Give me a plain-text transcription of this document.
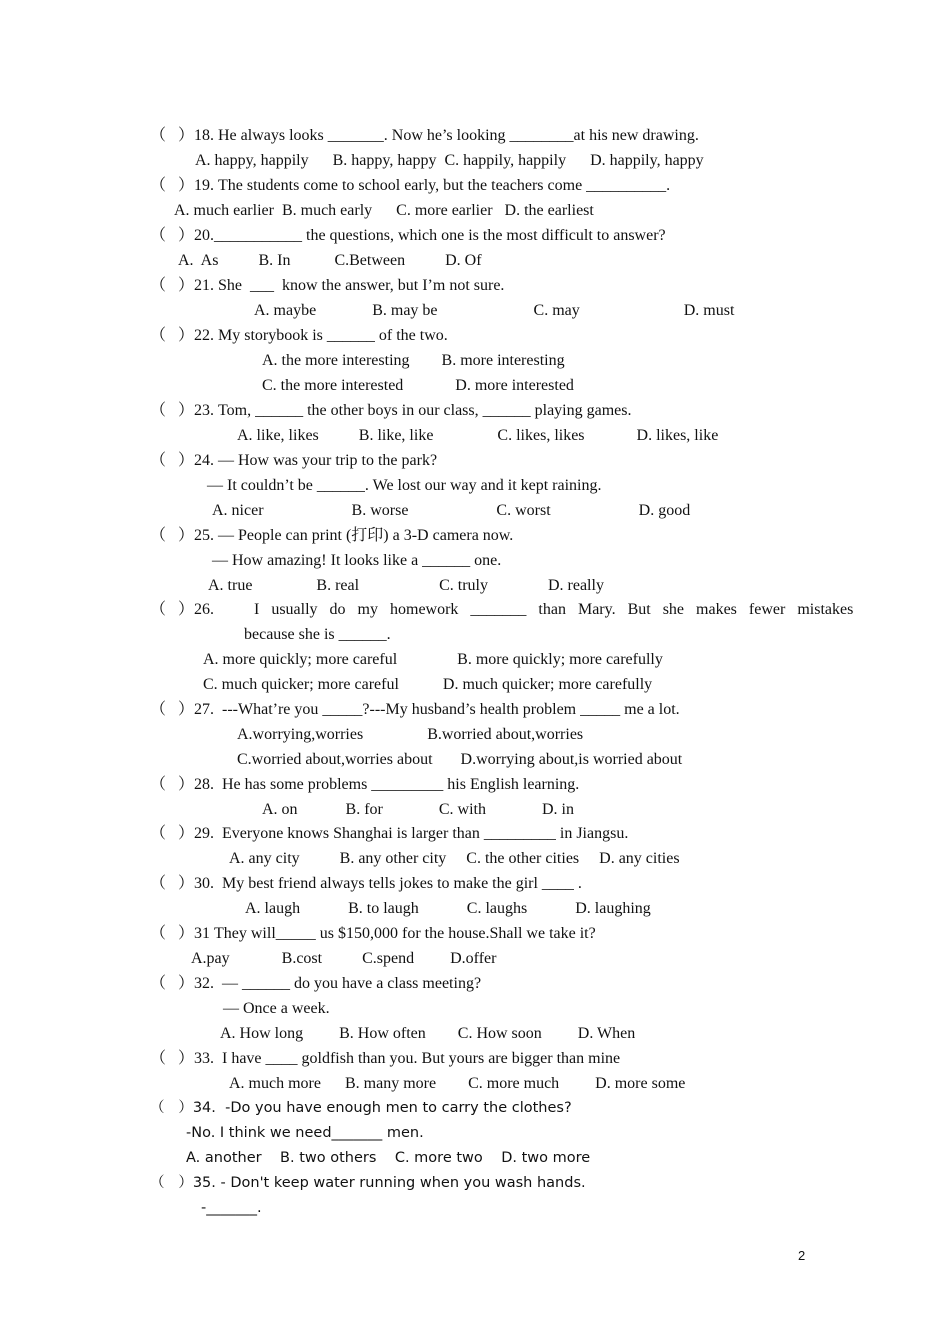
（   ）18. He always looks _______. Now he’s looking ________at his new drawing.
A. happy, happily      B. happy, happy  C. happily, happily      D. happily, happy
（   ）19. The students come to school early, but the teachers come __________.
A. much earlier  B. much early      C. more earlier   D. the earliest
（   ）20.___________ the questions, which one is the most difficult to answer?
A.  As          B. In           C.Between          D. Of
（   ）21. She  ___  know the answer, but I’m not sure.
A. maybe              B. may be                        C. may                          D. must
（   ）22. My storybook is ______ of the two.
A. the more interesting        B. more interesting
C. the more interested             D. more interested
（   ）23. Tom, ______ the other boys in our class, ______ playing games.
A. like, likes          B. like, like                C. likes, likes             D. likes, like
（   ）24. — How was your trip to the park?
— It couldn’t be ______. We lost our way and it kept raining.
A. nicer                      B. worse                      C. worst                      D. good
（   ）25. — People can print (打印) a 3-D camera now.
— How amazing! It looks like a ______ one.
A. true                B. real                    C. truly               D. really
（   ）26.          I   usually   do   my   homework   _______   than   Mary.   But   she   makes   fewer   mistakes
because she is ______.
A. more quickly; more careful               B. more quickly; more carefully
C. much quicker; more careful           D. much quicker; more carefully
（   ）27.  ---What’re you _____?---My husband’s health problem _____ me a lot.
A.worrying,worries                B.worried about,worries
C.worried about,worries about       D.worrying about,is worried about
（   ）28.  He has some problems _________ his English learning.
A. on            B. for              C. with              D. in
（   ）29.  Everyone knows Shanghai is larger than _________ in Jiangsu.
A. any city          B. any other city     C. the other cities     D. any cities
（   ）30.  My best friend always tells jokes to make the girl ____ .
A. laugh            B. to laugh            C. laughs            D. laughing
（   ）31 They will_____ us $150,000 for the house.Shall we take it?
A.pay             B.cost          C.spend         D.offer
（   ）32.  — ______ do you have a class meeting?
— Once a week.
A. How long         B. How often        C. How soon         D. When
（   ）33.  I have ____ goldfish than you. But yours are bigger than mine
A. much more      B. many more        C. more much         D. more some
（   ）34.  -Do you have enough men to carry the clothes?
-No. I think we need_______ men.
A. another    B. two others    C. more two    D. two more
（   ）35. - Don't keep water running when you wash hands.
-_______.
2
